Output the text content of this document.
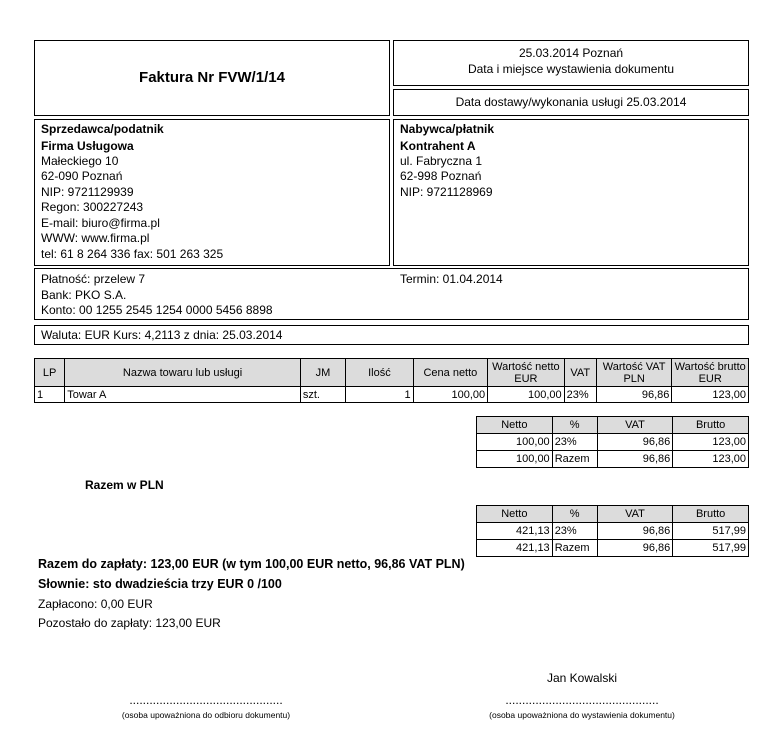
Faktura Nr FVW/1/14
25.03.2014 Poznań
Data i miejsce wystawienia dokumentu
Data dostawy/wykonania usługi 25.03.2014
Sprzedawca/podatnik
Firma Usługowa
Małeckiego 10
62-090 Poznań
NIP: 9721129939
Regon: 300227243
E-mail: biuro@firma.pl
WWW: www.firma.pl
tel: 61 8 264 336 fax: 501 263 325
Nabywca/płatnik
Kontrahent A
ul. Fabryczna 1
62-998 Poznań
NIP: 9721128969
Płatność: przelew 7	Termin: 01.04.2014
Bank: PKO S.A.
Konto: 00 1255 2545 1254 0000 5456 8898
Waluta: EUR Kurs: 4,2113 z dnia: 25.03.2014
LP	Nazwa towaru lub usługi	JM	Ilość	Cena netto	Wartość netto EUR	VAT	Wartość VAT PLN	Wartość brutto EUR
1	Towar A	szt.	1	100,00	100,00	23%	96,86	123,00
Netto	%	VAT	Brutto
100,00	23%	96,86	123,00
100,00	Razem	96,86	123,00
Razem w PLN
Netto	%	VAT	Brutto
421,13	23%	96,86	517,99
421,13	Razem	96,86	517,99
Razem do zapłaty: 123,00 EUR (w tym 100,00 EUR netto, 96,86 VAT PLN)
Słownie: sto dwadzieścia trzy EUR 0 /100
Zapłacono: 0,00 EUR
Pozostało do zapłaty: 123,00 EUR
Jan Kowalski
..............................................	..............................................
(osoba upoważniona do odbioru dokumentu)	(osoba upoważniona do wystawienia dokumentu)
